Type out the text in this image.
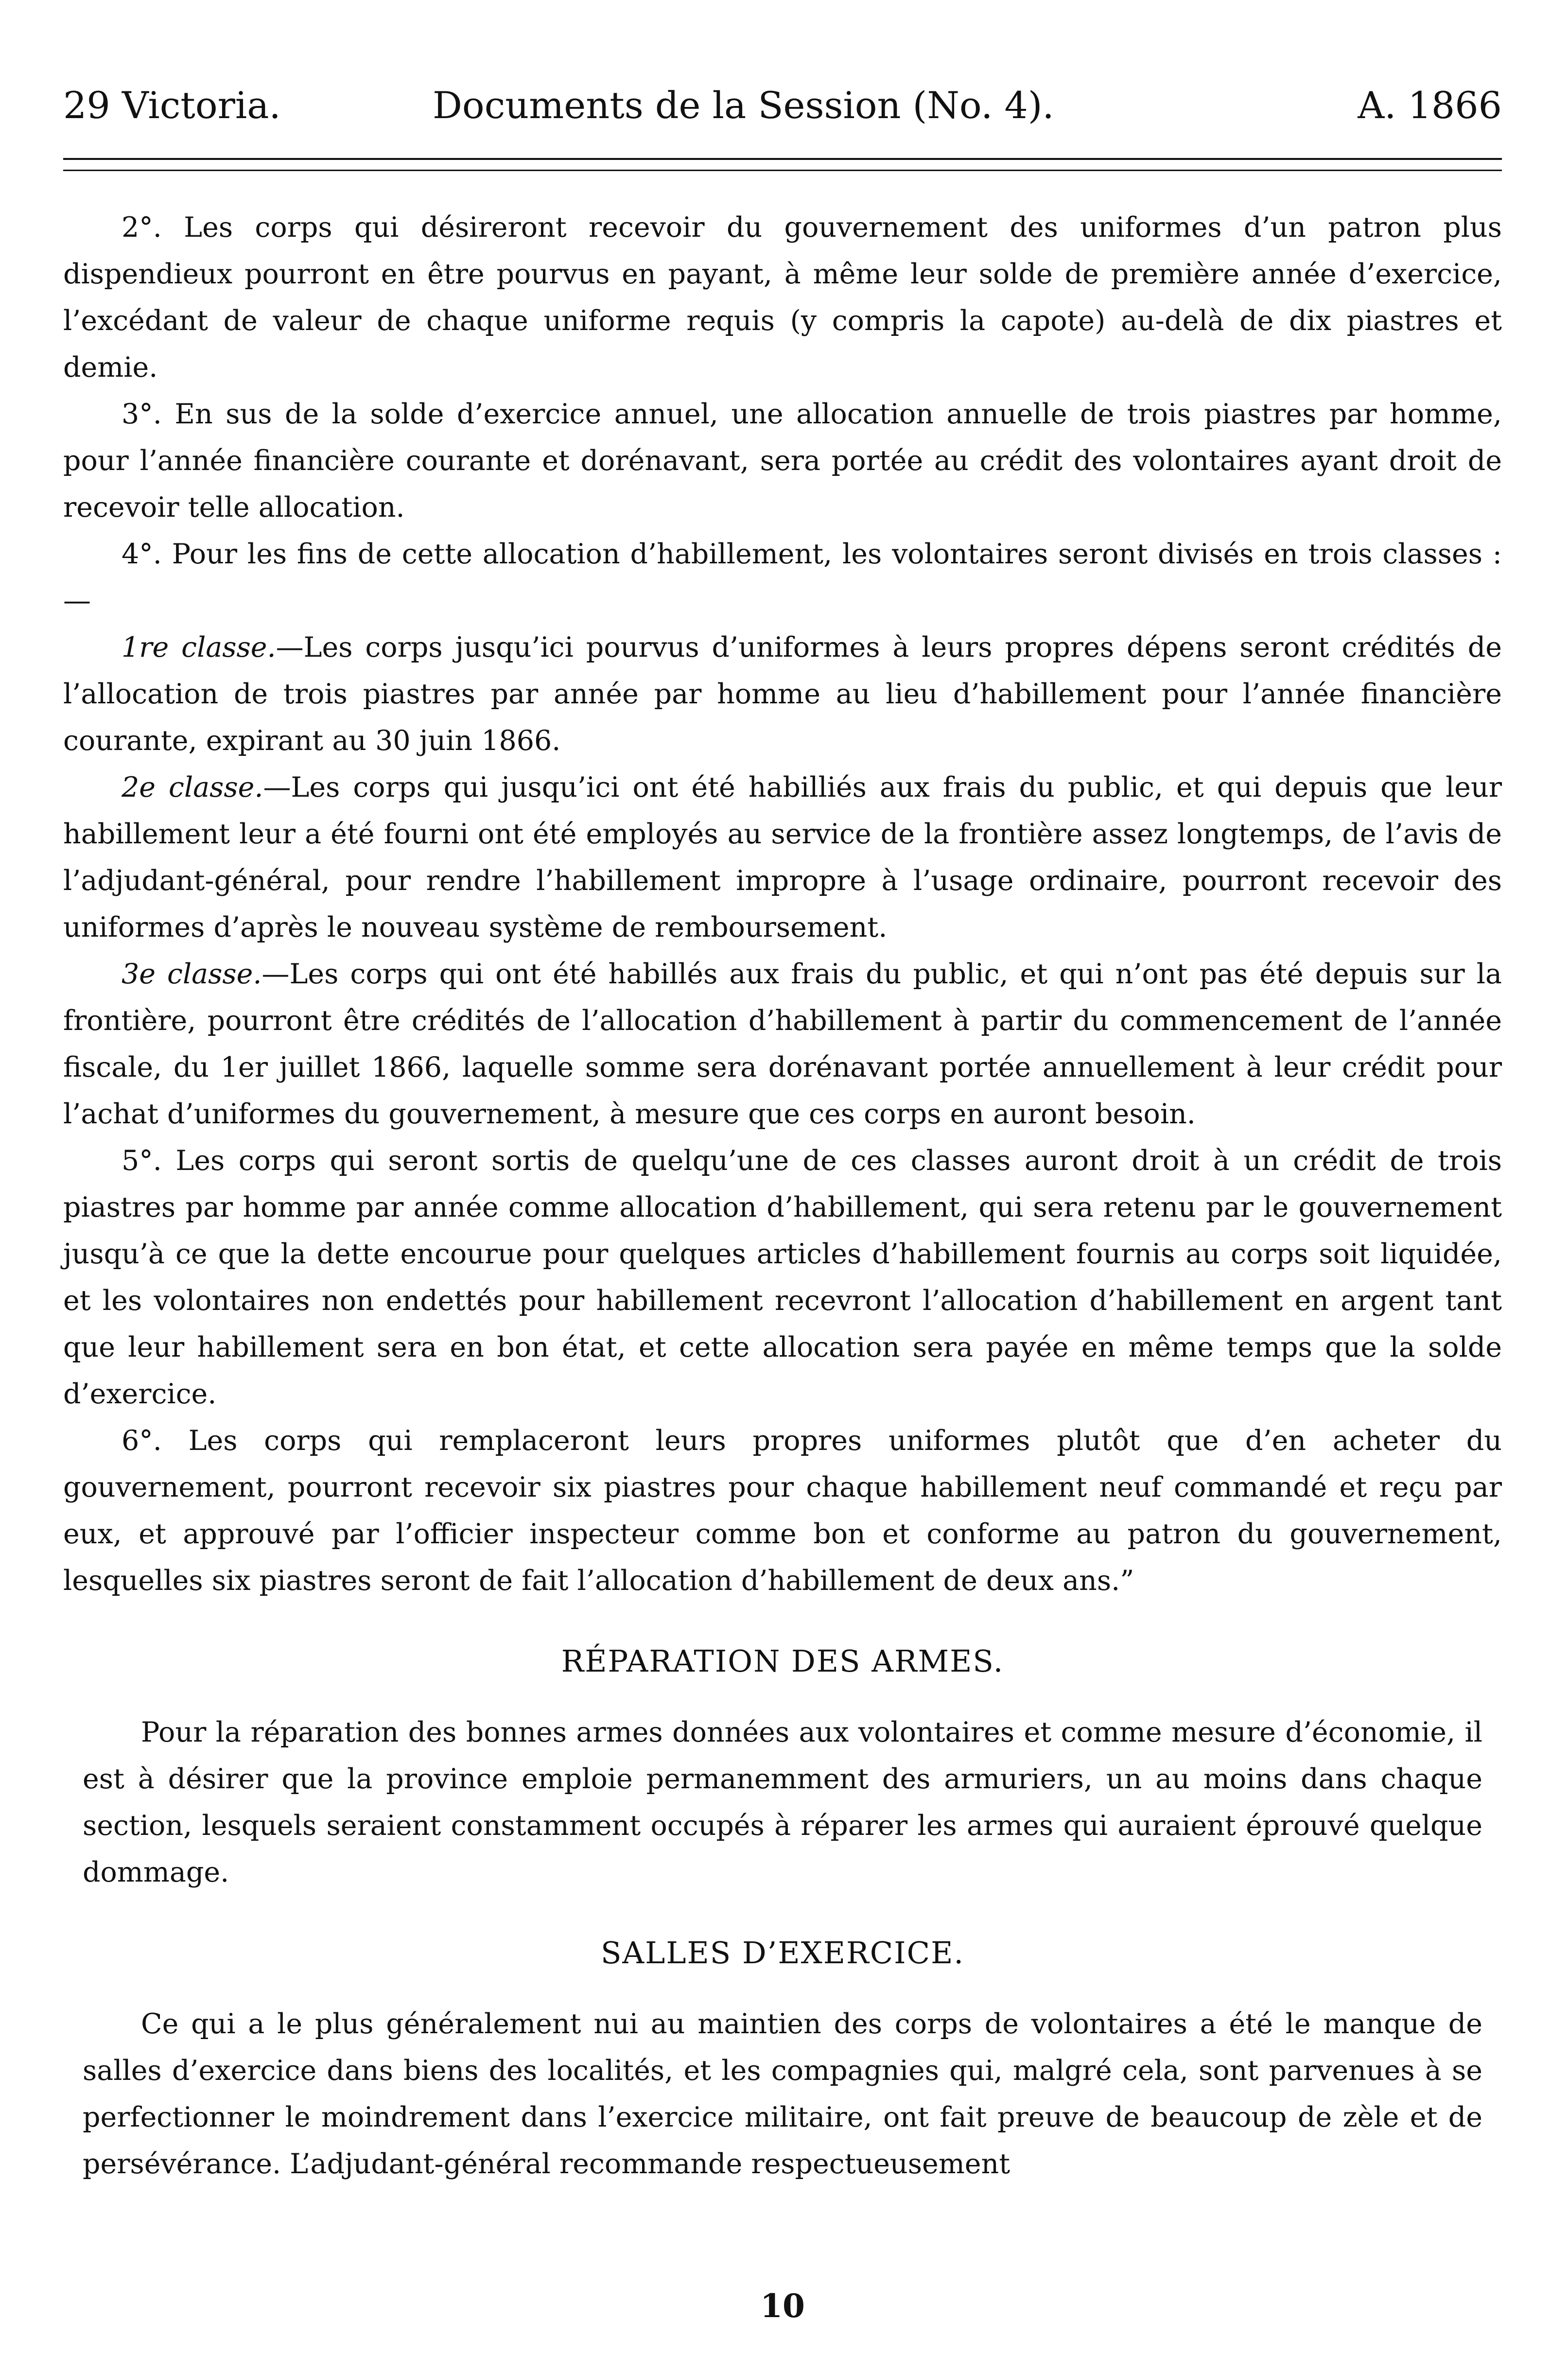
29 Victoria.	Documents de la Session (No. 4).	A. 1866

2°. Les corps qui désireront recevoir du gouvernement des uniformes d’un patron plus dispendieux pourront en être pourvus en payant, à même leur solde de première année d’exercice, l’excédant de valeur de chaque uniforme requis (y compris la capote) au-delà de dix piastres et demie.

3°. En sus de la solde d’exercice annuel, une allocation annuelle de trois piastres par homme, pour l’année financière courante et dorénavant, sera portée au crédit des volontaires ayant droit de recevoir telle allocation.

4°. Pour les fins de cette allocation d’habillement, les volontaires seront divisés en trois classes :—

1re classe.—Les corps jusqu’ici pourvus d’uniformes à leurs propres dépens seront crédités de l’allocation de trois piastres par année par homme au lieu d’habillement pour l’année financière courante, expirant au 30 juin 1866.

2e classe.—Les corps qui jusqu’ici ont été habilliés aux frais du public, et qui depuis que leur habillement leur a été fourni ont été employés au service de la frontière assez longtemps, de l’avis de l’adjudant-général, pour rendre l’habillement impropre à l’usage ordinaire, pourront recevoir des uniformes d’après le nouveau système de remboursement.

3e classe.—Les corps qui ont été habillés aux frais du public, et qui n’ont pas été depuis sur la frontière, pourront être crédités de l’allocation d’habillement à partir du commencement de l’année fiscale, du 1er juillet 1866, laquelle somme sera dorénavant portée annuellement à leur crédit pour l’achat d’uniformes du gouvernement, à mesure que ces corps en auront besoin.

5°. Les corps qui seront sortis de quelqu’une de ces classes auront droit à un crédit de trois piastres par homme par année comme allocation d’habillement, qui sera retenu par le gouvernement jusqu’à ce que la dette encourue pour quelques articles d’habillement fournis au corps soit liquidée, et les volontaires non endettés pour habillement recevront l’allocation d’habillement en argent tant que leur habillement sera en bon état, et cette allocation sera payée en même temps que la solde d’exercice.

6°. Les corps qui remplaceront leurs propres uniformes plutôt que d’en acheter du gouvernement, pourront recevoir six piastres pour chaque habillement neuf commandé et reçu par eux, et approuvé par l’officier inspecteur comme bon et conforme au patron du gouvernement, lesquelles six piastres seront de fait l’allocation d’habillement de deux ans.”

RÉPARATION DES ARMES.

Pour la réparation des bonnes armes données aux volontaires et comme mesure d’économie, il est à désirer que la province emploie permanemment des armuriers, un au moins dans chaque section, lesquels seraient constamment occupés à réparer les armes qui auraient éprouvé quelque dommage.

SALLES D’EXERCICE.

Ce qui a le plus généralement nui au maintien des corps de volontaires a été le manque de salles d’exercice dans biens des localités, et les compagnies qui, malgré cela, sont parvenues à se perfectionner le moindrement dans l’exercice militaire, ont fait preuve de beaucoup de zèle et de persévérance. L’adjudant-général recommande respectueusement

10
